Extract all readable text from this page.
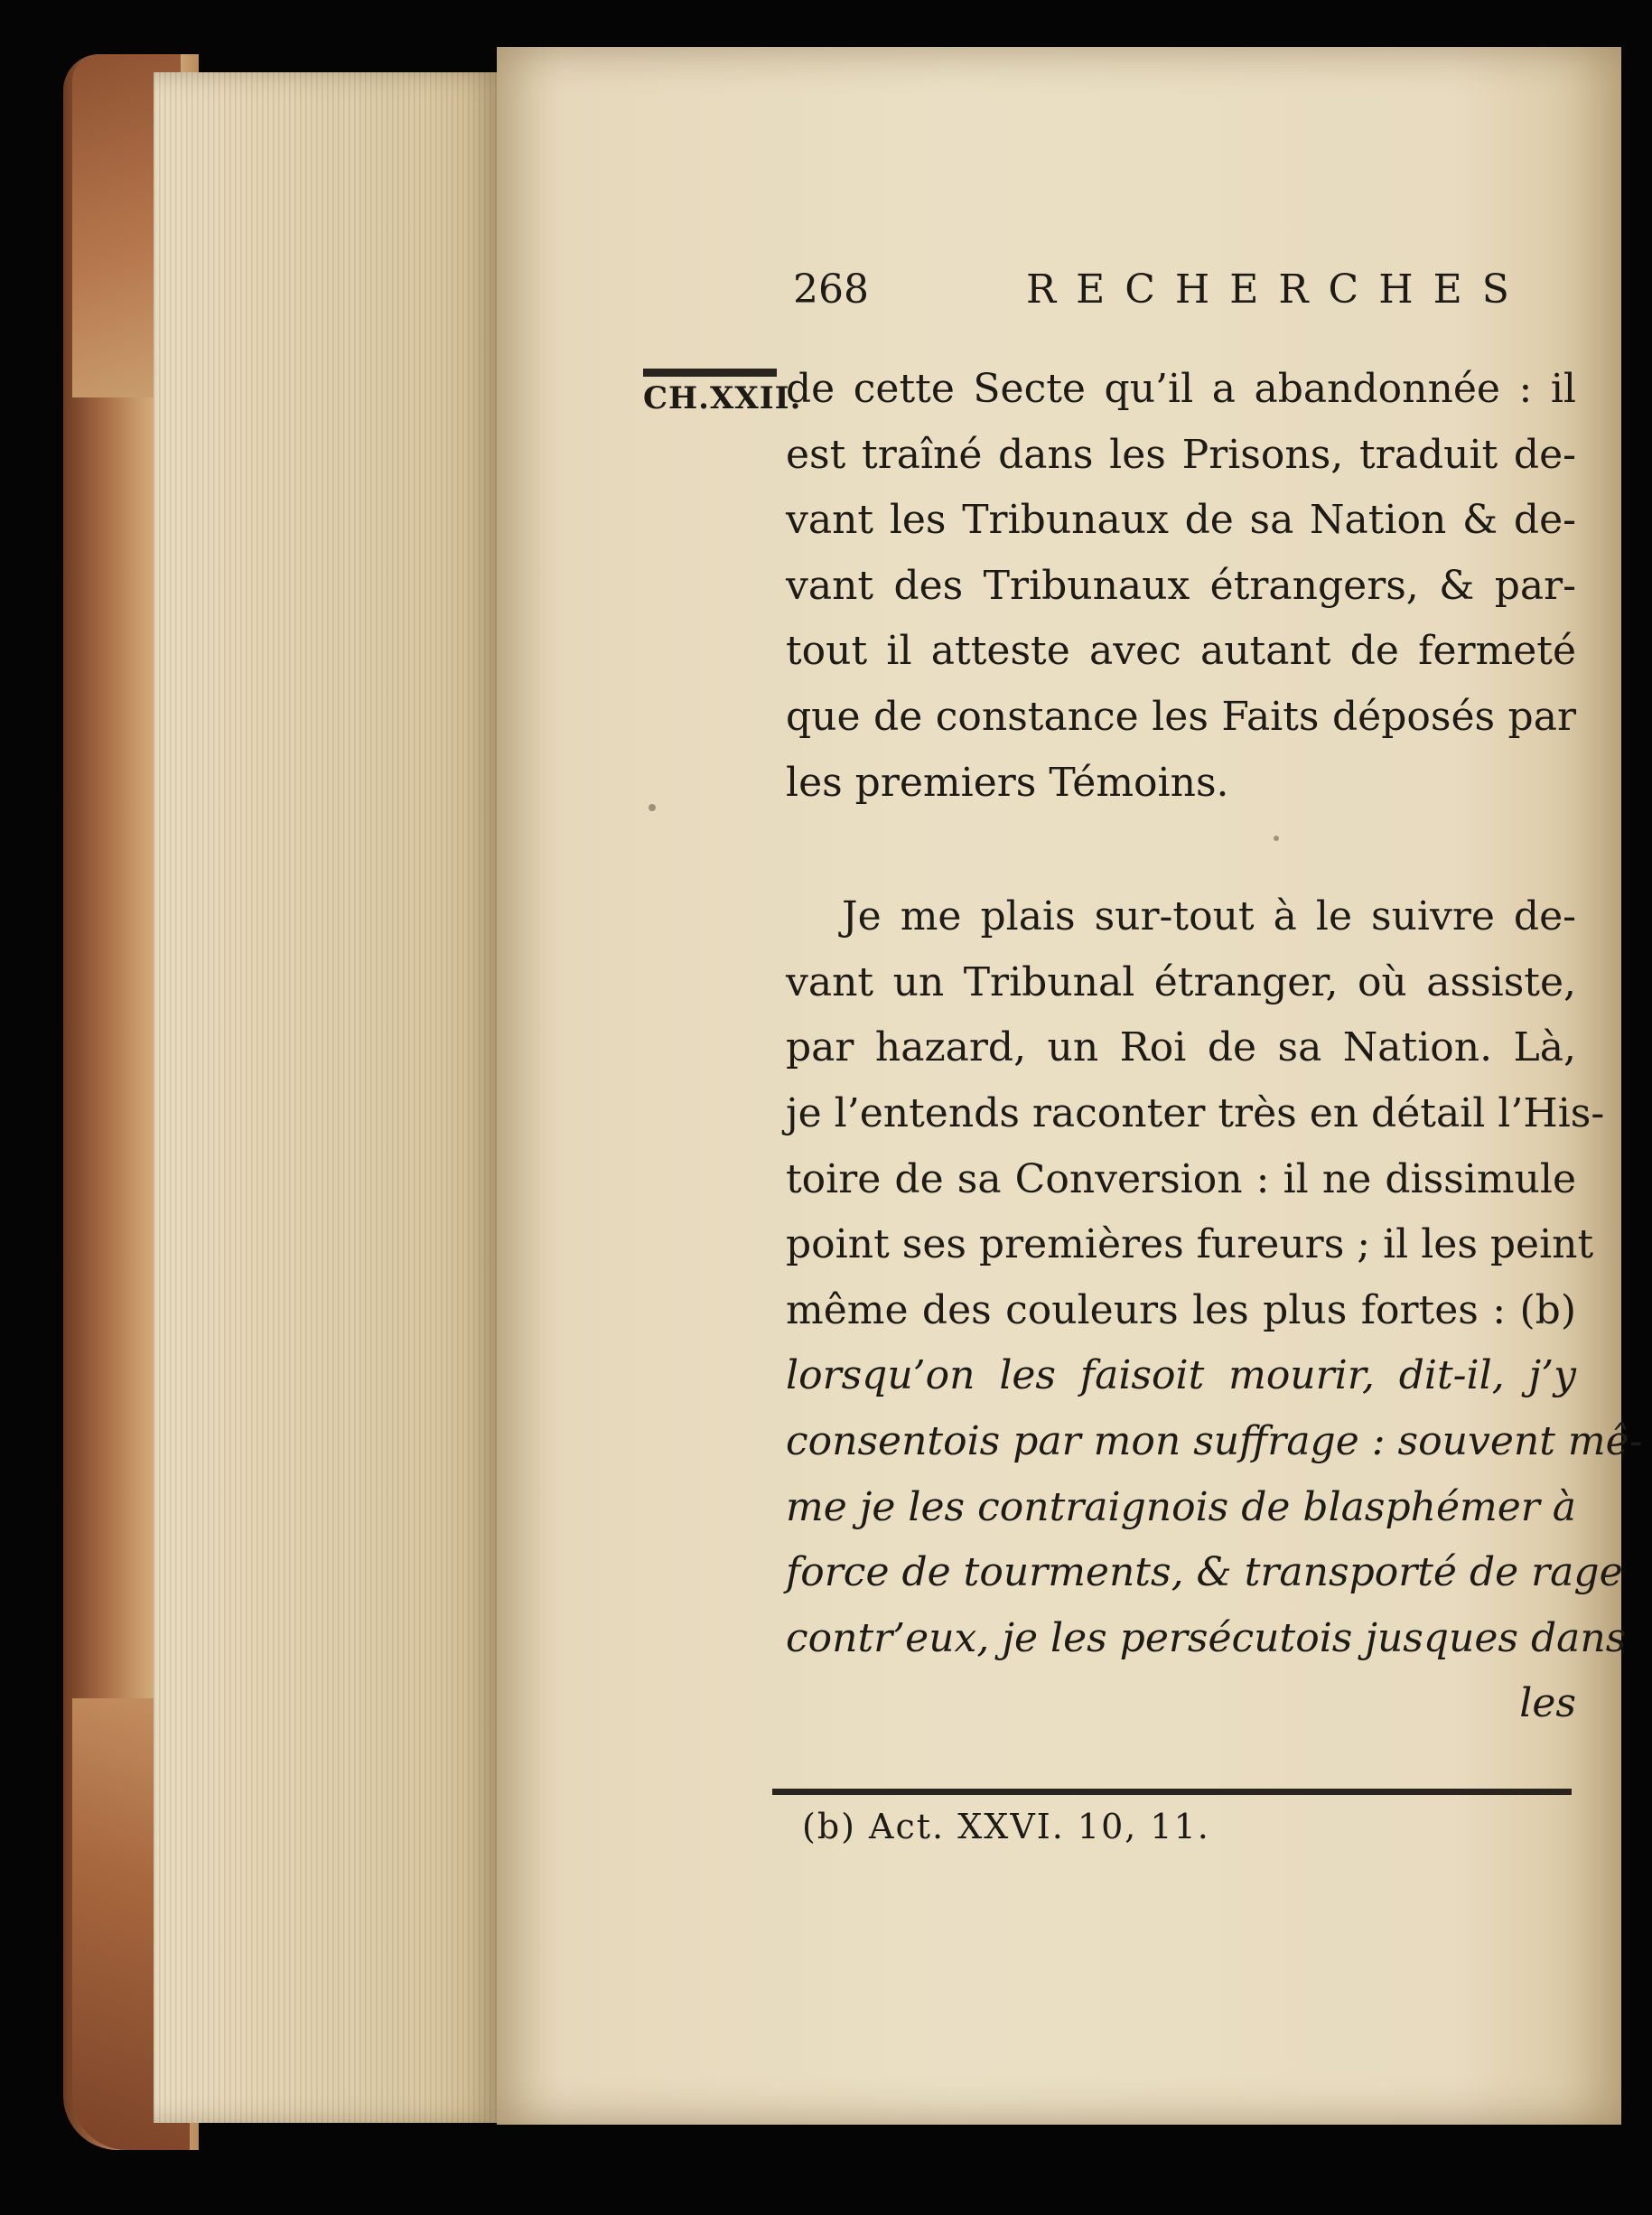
268	RECHERCHES
CH.XXII.
de cette Secte qu’il a abandonnée : il
est traîné dans les Prisons, traduit de-
vant les Tribunaux de sa Nation & de-
vant des Tribunaux étrangers, & par-
tout il atteste avec autant de fermeté
que de constance les Faits déposés par
les premiers Témoins.
Je me plais sur-tout à le suivre de-
vant un Tribunal étranger, où assiste,
par hazard, un Roi de sa Nation. Là,
je l’entends raconter très en détail l’His-
toire de sa Conversion : il ne dissimule
point ses premières fureurs ; il les peint
même des couleurs les plus fortes : (b)
lorsqu’on les faisoit mourir, dit-il, j’y
consentois par mon suffrage : souvent mê-
me je les contraignois de blasphémer à
force de tourments, & transporté de rage
contr’eux, je les persécutois jusques dans
les
(b) Act. XXVI. 10, 11.
